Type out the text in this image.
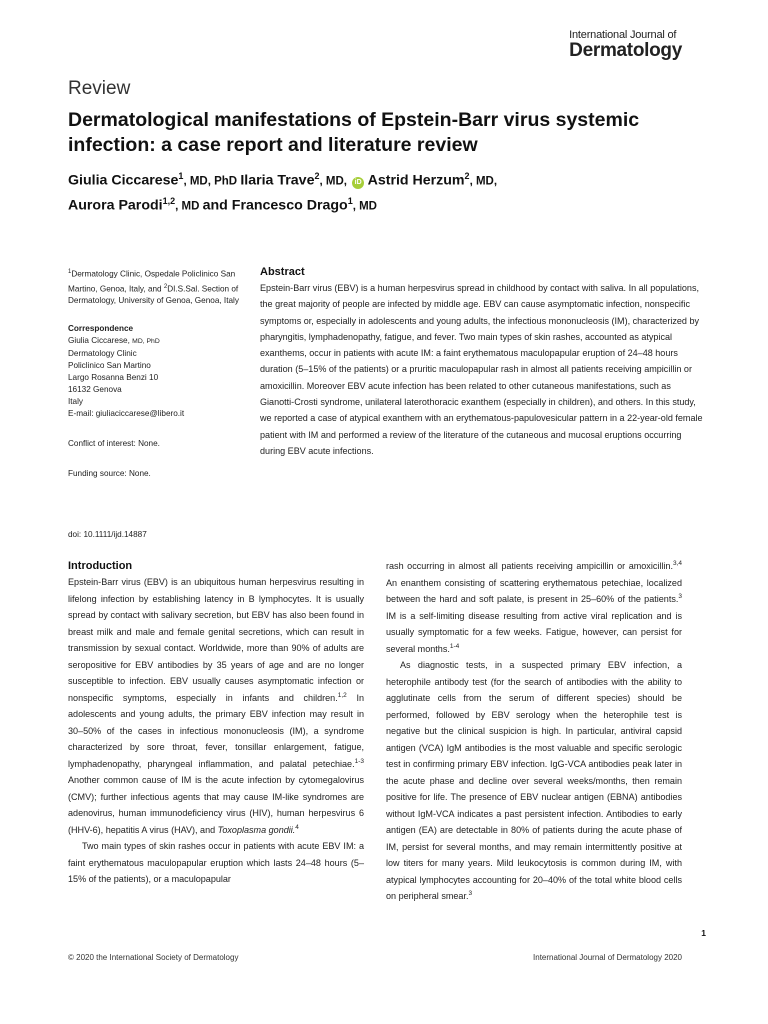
International Journal of
Dermatology
Review
Dermatological manifestations of Epstein-Barr virus systemic infection: a case report and literature review
Giulia Ciccarese$^1$, MD, PhD Ilaria Trave$^2$, MD, iD Astrid Herzum$^2$, MD,
Aurora Parodi$^{1,2}$, MD and Francesco Drago$^1$, MD

$^1$Dermatology Clinic, Ospedale Policlinico San Martino, Genoa, Italy, and $^2$DI.S.Sal. Section of Dermatology, University of Genoa, Genoa, Italy

Correspondence

Giulia Ciccarese, MD, PhD

Dermatology Clinic

Policlinico San Martino

Largo Rosanna Benzi 10

16132 Genova

Italy

E-mail: giuliaciccarese@libero.it

Conflict of interest: None.

Funding source: None.

Abstract

Epstein-Barr virus (EBV) is a human herpesvirus spread in childhood by contact with saliva. In all populations, the great majority of people are infected by middle age. EBV can cause asymptomatic infection, nonspecific symptoms or, especially in adolescents and young adults, the infectious mononucleosis (IM), characterized by pharyngitis, lymphadenopathy, fatigue, and fever. Two main types of skin rashes, accounted as atypical exanthems, occur in patients with acute IM: a faint erythematous maculopapular eruption of 24–48 hours duration (5–15% of the patients) or a pruritic maculopapular rash in almost all patients receiving ampicillin or amoxicillin. Moreover EBV acute infection has been related to other cutaneous manifestations, such as Gianotti-Crosti syndrome, unilateral laterothoracic exanthem (especially in children), and others. In this study, we reported a case of atypical exanthem with an erythematous-papulovesicular pattern in a 22-year-old female patient with IM and performed a review of the literature of the cutaneous and mucosal eruptions occurring during EBV acute infections.

doi: 10.1111/ijd.14887

Introduction

Epstein-Barr virus (EBV) is an ubiquitous human herpesvirus resulting in lifelong infection by establishing latency in B lymphocytes. It is usually spread by contact with salivary secretion, but EBV has also been found in breast milk and male and female genital secretions, which can result in transmission by sexual contact. Worldwide, more than 90% of adults are seropositive for EBV antibodies by 35 years of age and are no longer susceptible to infection. EBV usually causes asymptomatic infection or nonspecific symptoms, especially in infants and children.$^{1,2}$ In adolescents and young adults, the primary EBV infection may result in 30–50% of the cases in infectious mononucleosis (IM), a syndrome characterized by sore throat, fever, tonsillar enlargement, fatigue, lymphadenopathy, pharyngeal inflammation, and palatal petechiae.$^{1-3}$ Another common cause of IM is the acute infection by cytomegalovirus (CMV); further infectious agents that may cause IM-like syndromes are adenovirus, human immunodeficiency virus (HIV), human herpesvirus 6 (HHV-6), hepatitis A virus (HAV), and Toxoplasma gondii.$^4$

Two main types of skin rashes occur in patients with acute EBV IM: a faint erythematous maculopapular eruption which lasts 24–48 hours (5–15% of the patients), or a maculopapular

rash occurring in almost all patients receiving ampicillin or amoxicillin.$^{3,4}$ An enanthem consisting of scattering erythematous petechiae, localized between the hard and soft palate, is present in 25–60% of the patients.$^3$ IM is a self-limiting disease resulting from active viral replication and is usually symptomatic for a few weeks. Fatigue, however, can persist for several months.$^{1-4}$

As diagnostic tests, in a suspected primary EBV infection, a heterophile antibody test (for the search of antibodies with the ability to agglutinate cells from the serum of different species) should be performed, followed by EBV serology when the heterophile test is negative but the clinical suspicion is high. In particular, antiviral capsid antigen (VCA) IgM antibodies is the most valuable and specific serologic test in confirming primary EBV infection. IgG-VCA antibodies peak later in the acute phase and decline over several weeks/months, then remain positive for life. The presence of EBV nuclear antigen (EBNA) antibodies without IgM-VCA indicates a past persistent infection. Antibodies to early antigen (EA) are detectable in 80% of patients during the acute phase of IM, persist for several months, and may remain intermittently positive at low titers for many years. Mild leukocytosis is common during IM, with atypical lymphocytes accounting for 20–40% of the total white blood cells on peripheral smear.$^3$

1
© 2020 the International Society of Dermatology	International Journal of Dermatology 2020
